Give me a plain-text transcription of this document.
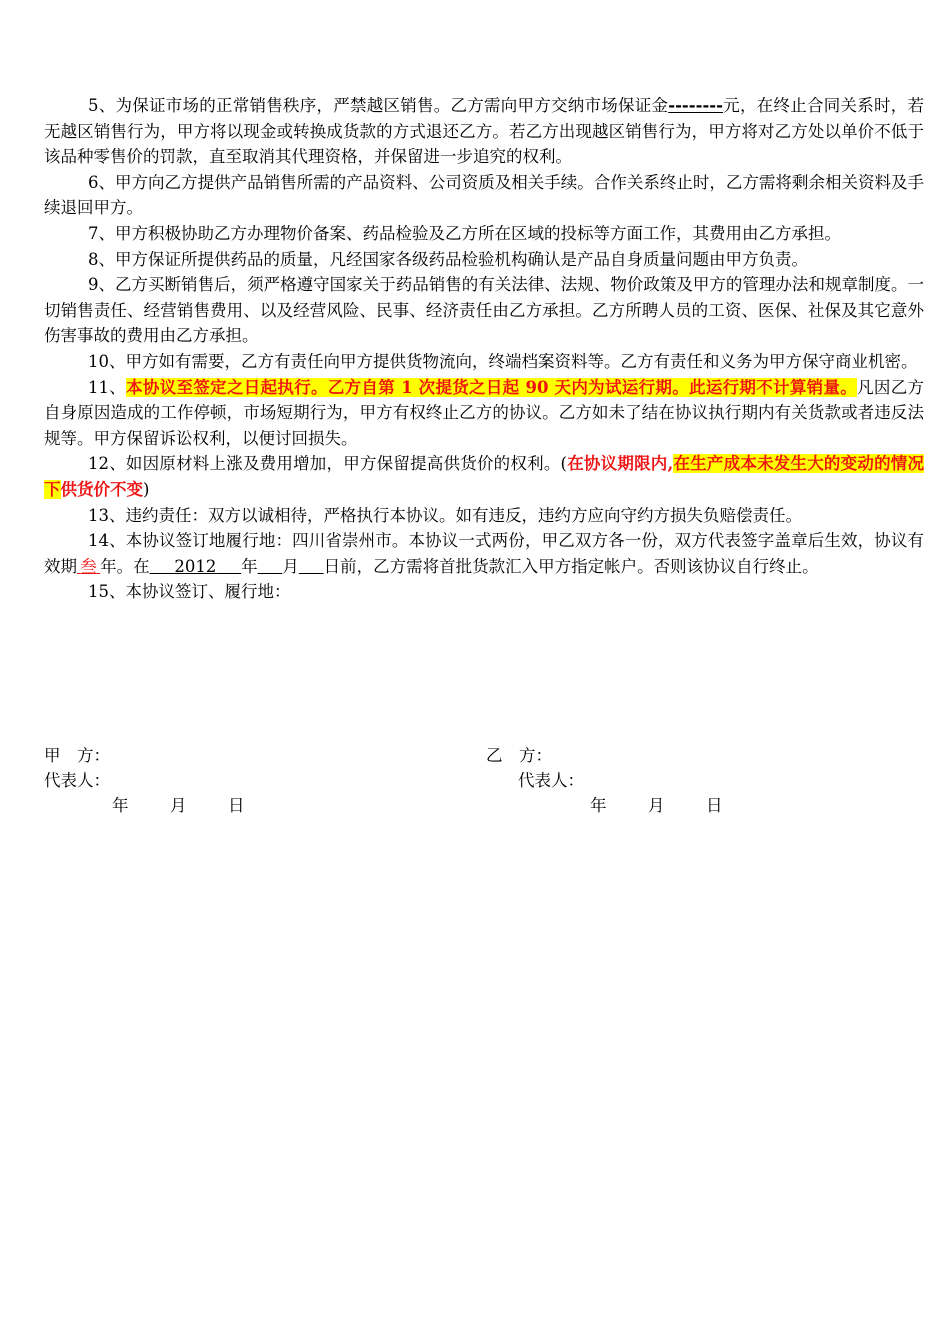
5、为保证市场的正常销售秩序，严禁越区销售。乙方需向甲方交纳市场保证金--------元，在终止合同关系时，若无越区销售行为，甲方将以现金或转换成货款的方式退还乙方。若乙方出现越区销售行为，甲方将对乙方处以单价不低于该品种零售价的罚款，直至取消其代理资格，并保留进一步追究的权利。

6、甲方向乙方提供产品销售所需的产品资料、公司资质及相关手续。合作关系终止时，乙方需将剩余相关资料及手续退回甲方。

7、甲方积极协助乙方办理物价备案、药品检验及乙方所在区域的投标等方面工作，其费用由乙方承担。

8、甲方保证所提供药品的质量，凡经国家各级药品检验机构确认是产品自身质量问题由甲方负责。

9、乙方买断销售后，须严格遵守国家关于药品销售的有关法律、法规、物价政策及甲方的管理办法和规章制度。一切销售责任、经营销售费用、以及经营风险、民事、经济责任由乙方承担。乙方所聘人员的工资、医保、社保及其它意外伤害事故的费用由乙方承担。

10、甲方如有需要，乙方有责任向甲方提供货物流向，终端档案资料等。乙方有责任和义务为甲方保守商业机密。

11、本协议至签定之日起执行。乙方自第 1 次提货之日起 90 天内为试运行期。此运行期不计算销量。凡因乙方自身原因造成的工作停顿，市场短期行为，甲方有权终止乙方的协议。乙方如未了结在协议执行期内有关货款或者违反法规等。甲方保留诉讼权利，以便讨回损失。

12、如因原材料上涨及费用增加，甲方保留提高供货价的权利。(在协议期限内,在生产成本未发生大的变动的情况下供货价不变)

13、违约责任：双方以诚相待，严格执行本协议。如有违反，违约方应向守约方损失负赔偿责任。

14、本协议签订地履行地：四川省崇州市。本协议一式两份，甲乙双方各一份，双方代表签字盖章后生效，协议有效期  叁  年。在   2012   年   月   日前，乙方需将首批货款汇入甲方指定帐户。否则该协议自行终止。

15、本协议签订、履行地：

甲　方：	乙　方：
代表人：	代表人：
年	月	日	年	月	日
